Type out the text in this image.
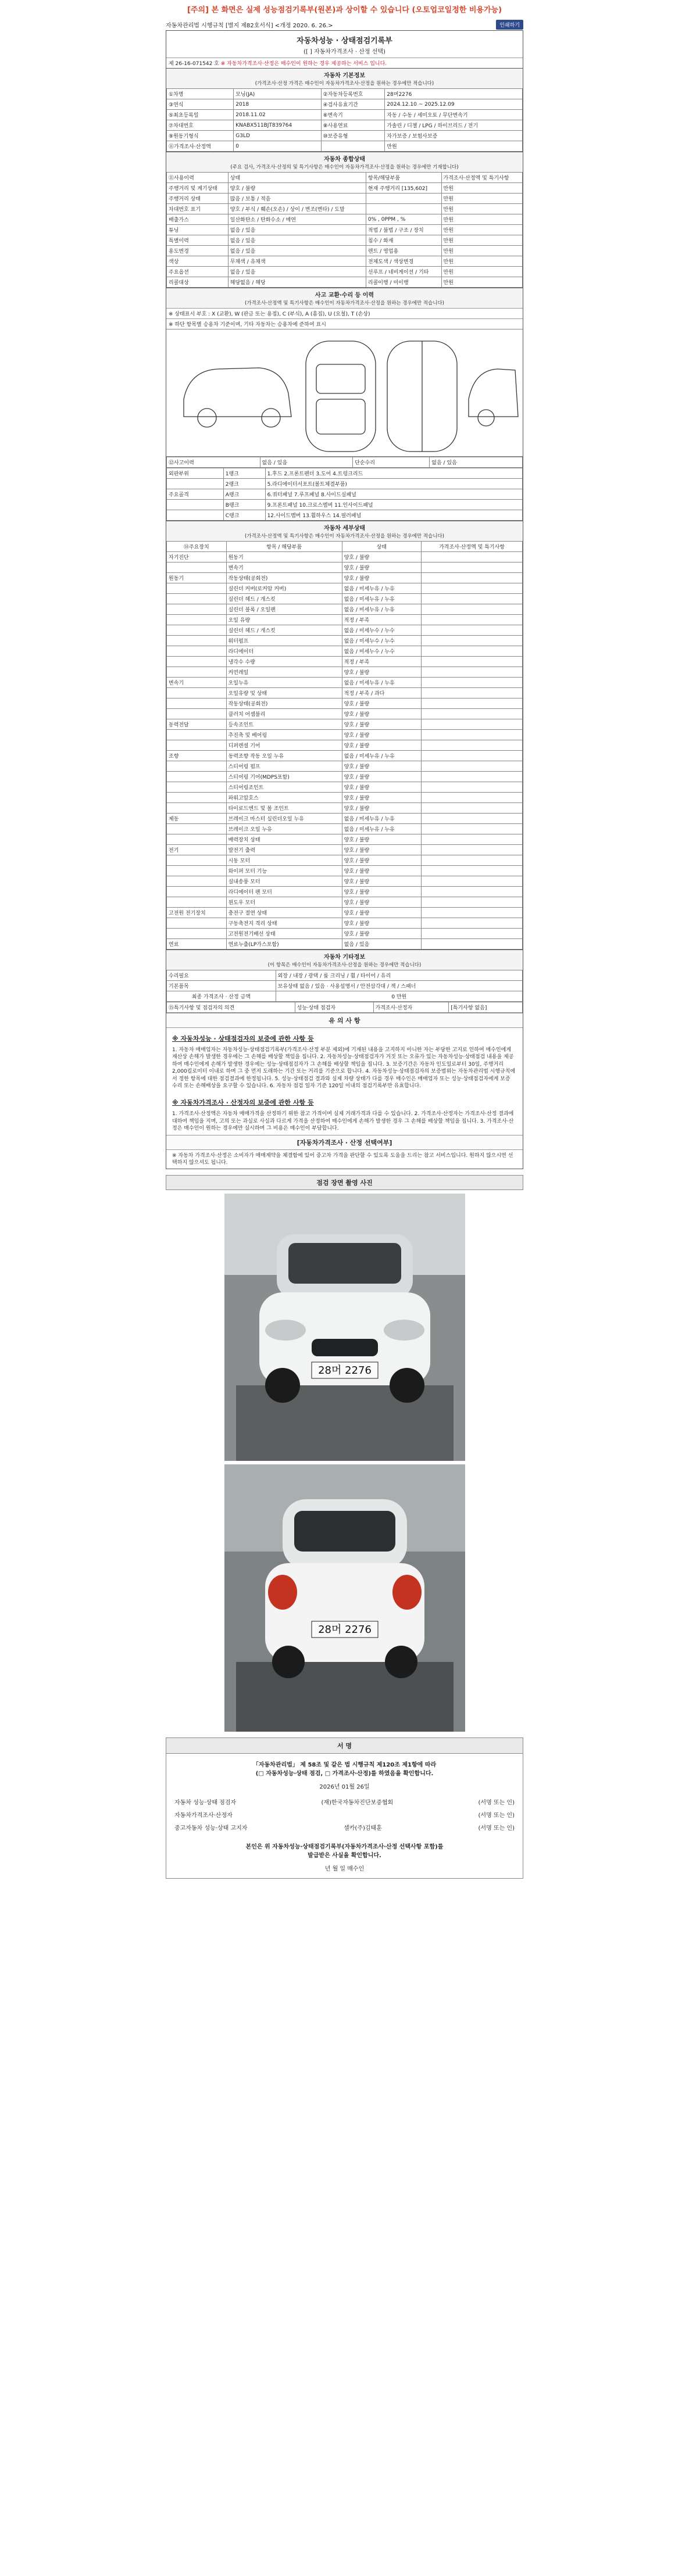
[주의] 본 화면은 실제 성능점검기록부(원본)과 상이할 수 있습니다 (오토업코일정한 비용가능)
자동차관리법 시행규칙 [별지 제82호서식] <개정 2020. 6. 26.>	인쇄하기
자동차성능 · 상태점검기록부
([ ] 자동차가격조사 · 산정 선택)
제 26-16-071542 호 ※ 자동차가격조사·산정은 매수인이 원하는 경우 제공하는 서비스 입니다.
자동차 기본정보
(가격조사·산정 가격은 매수인이 자동차가격조사·산정을 원하는 경우에만 적습니다)
①차명	모닝(JA)	②자동차등록번호	28머2276
③연식	2018	④검사유효기간	2024.12.10 ~ 2025.12.09
⑤최초등록일	2018.11.02	⑥변속기	자동 / 수동 / 세미오토 / 무단변속기
⑦차대번호	KNABX511BJT839764	⑧사용연료	가솔린 / 디젤 / LPG / 하이브리드 / 전기
⑨원동기형식	G3LD	⑩보증유형	자가보증 / 보험사보증
⑪가격조사·산정액	0		만원
자동차 종합상태
(주요 검사, 가격조사·산정의 및 특기사항은 매수인이 자동차가격조사·산정을 원하는 경우에만 기재합니다)
⑪사용이력	상태	항목/해당부품	가격조사·산정액 및 특기사항
주행거리 및 계기상태	양호 / 불량	현재 주행거리 [135,602]	만원
주행거리 상태	많음 / 보통 / 적음		만원
차대번호 표기	양호 / 부식 / 훼손(오손) / 상이 / 변조(변타) / 도말		만원
배출가스	일산화탄소 / 탄화수소 / 매연	0% , 0PPM , %	만원
튜닝	없음 / 있음	적법 / 불법 / 구조 / 장치	만원
특별이력	없음 / 있음	침수 / 화재	만원
용도변경	없음 / 있음	렌트 / 영업용	만원
색상	무채색 / 유채색	전체도색 / 색상변경	만원
주요옵션	없음 / 있음	선루프 / 네비게이션 / 기타	만원
리콜대상	해당없음 / 해당	리콜이행 / 미이행	만원
사고 교환·수리 등 이력
(가격조사·산정액 및 특기사항은 매수인이 자동차가격조사·산정을 원하는 경우에만 적습니다)
※ 상태표시 부호 : X (교환), W (판금 또는 용접), C (부식), A (흠집), U (요철), T (손상)
※ 하단 항목별 승용차 기준이며, 기타 자동차는 승용차에 준하여 표시
⑫사고이력	없음 / 있음	단순수리	없음 / 있음
외판부위	1랭크	1.후드 2.프론트펜더 3.도어 4.트렁크리드
	2랭크	5.라디에이터서포트(볼트체결부품)
주요골격	A랭크	6.쿼터패널 7.루프패널 8.사이드실패널
	B랭크	9.프론트패널 10.크로스멤버 11.인사이드패널
	C랭크	12.사이드멤버 13.휠하우스 14.필러패널
자동차 세부상태
(가격조사·산정액 및 특기사항은 매수인이 자동차가격조사·산정을 원하는 경우에만 적습니다)
⑭주요장치	항목 / 해당부품	상태	가격조사·산정액 및 특기사항
자기진단	원동기	양호 / 불량	
	변속기	양호 / 불량	
원동기	작동상태(공회전)	양호 / 불량	
	실린더 커버(로커암 커버)	없음 / 미세누유 / 누유	
	실린더 헤드 / 개스킷	없음 / 미세누유 / 누유	
	실린더 블록 / 오일팬	없음 / 미세누유 / 누유	
	오일 유량	적정 / 부족	
	실린더 헤드 / 개스킷	없음 / 미세누수 / 누수	
	워터펌프	없음 / 미세누수 / 누수	
	라디에이터	없음 / 미세누수 / 누수	
	냉각수 수량	적정 / 부족	
	커먼레일	양호 / 불량	
변속기	오일누유	없음 / 미세누유 / 누유	
	오일유량 및 상태	적정 / 부족 / 과다	
	작동상태(공회전)	양호 / 불량	
	클러치 어셈블리	양호 / 불량	
동력전달	등속조인트	양호 / 불량	
	추진축 및 베어링	양호 / 불량	
	디퍼렌셜 기어	양호 / 불량	
조향	동력조향 작동 오일 누유	없음 / 미세누유 / 누유	
	스티어링 펌프	양호 / 불량	
	스티어링 기어(MDPS포함)	양호 / 불량	
	스티어링조인트	양호 / 불량	
	파워고압호스	양호 / 불량	
	타이로드엔드 및 볼 조인트	양호 / 불량	
제동	브레이크 마스터 실린더오일 누유	없음 / 미세누유 / 누유	
	브레이크 오일 누유	없음 / 미세누유 / 누유	
	배력장치 상태	양호 / 불량	
전기	발전기 출력	양호 / 불량	
	시동 모터	양호 / 불량	
	와이퍼 모터 기능	양호 / 불량	
	실내송풍 모터	양호 / 불량	
	라디에이터 팬 모터	양호 / 불량	
	윈도우 모터	양호 / 불량	
고전원 전기장치	충전구 절연 상태	양호 / 불량	
	구동축전지 격리 상태	양호 / 불량	
	고전원전기배선 상태	양호 / 불량	
연료	연료누출(LP가스포함)	없음 / 있음	
자동차 기타정보
(이 항목은 매수인이 자동차가격조사·산정을 원하는 경우에만 적습니다)
수리필요	외장 / 내장 / 광택 / 룸 크리닝 / 휠 / 타이어 / 유리
기본품목	보유상태 없음 / 있음 · 사용설명서 / 안전삼각대 / 잭 / 스패너
최종 가격조사 · 산정 금액	0 만원
⑮특기사항 및 점검자의 의견	성능·상태 점검자	가격조사·산정자	[특기사항 없음]
유 의 사 항
※ 자동차성능 · 상태점검자의 보증에 관한 사항 등
1. 자동차 매매업자는 자동차성능·상태점검기록부(가격조사·산정 부분 제외)에 기재된 내용을 고지하지 아니한 자는 부당한 고지로 인하여 매수인에게 재산상 손해가 발생한 경우에는 그 손해를 배상할 책임을 집니다. 2. 자동차성능·상태점검자가 거짓 또는 오류가 있는 자동차성능·상태점검 내용을 제공하여 매수인에게 손해가 발생한 경우에는 성능·상태점검자가 그 손해를 배상할 책임을 집니다. 3. 보증기간은 자동차 인도일로부터 30일, 주행거리 2,000킬로미터 이내로 하며 그 중 먼저 도래하는 기간 또는 거리를 기준으로 합니다. 4. 자동차성능·상태점검자의 보증범위는 자동차관리법 시행규칙에서 정한 항목에 대한 점검결과에 한정됩니다. 5. 성능·상태점검 결과와 실제 차량 상태가 다를 경우 매수인은 매매업자 또는 성능·상태점검자에게 보증 수리 또는 손해배상을 요구할 수 있습니다. 6. 자동차 점검 일자 기준 120일 이내의 점검기록부만 유효합니다.
※ 자동차가격조사 · 산정자의 보증에 관한 사항 등
1. 가격조사·산정액은 자동차 매매가격을 산정하기 위한 참고 가격이며 실제 거래가격과 다를 수 있습니다. 2. 가격조사·산정자는 가격조사·산정 결과에 대하여 책임을 지며, 고의 또는 과실로 사실과 다르게 가격을 산정하여 매수인에게 손해가 발생한 경우 그 손해를 배상할 책임을 집니다. 3. 가격조사·산정은 매수인이 원하는 경우에만 실시하며 그 비용은 매수인이 부담합니다.
[자동차가격조사 · 산정 선택여부]
※ 자동차 가격조사·산정은 소비자가 매매계약을 체결함에 있어 중고차 가격을 판단할 수 있도록 도움을 드리는 참고 서비스입니다. 원하지 않으시면 선택하지 않으셔도 됩니다.
점검 장면 촬영 사진
28머 2276
28머 2276
서 명
「자동차관리법」 제 58조 및 같은 법 시행규칙 제120조 제1항에 따라
(□ 자동차성능·상태 점검, □ 가격조사·산정)를 하였음을 확인합니다.
2026년 01월 26일
자동차 성능·상태 점검자	(재)한국자동차진단보증협회	(서명 또는 인)
자동차가격조사·산정자	(서명 또는 인)
중고자동차 성능·상태 고지자	셀카(주)김태훈	(서명 또는 인)
본인은 위 자동차성능·상태점검기록부(자동차가격조사·산정 선택사항 포함)를
발급받은 사실을 확인합니다.
년 월 일 매수인
